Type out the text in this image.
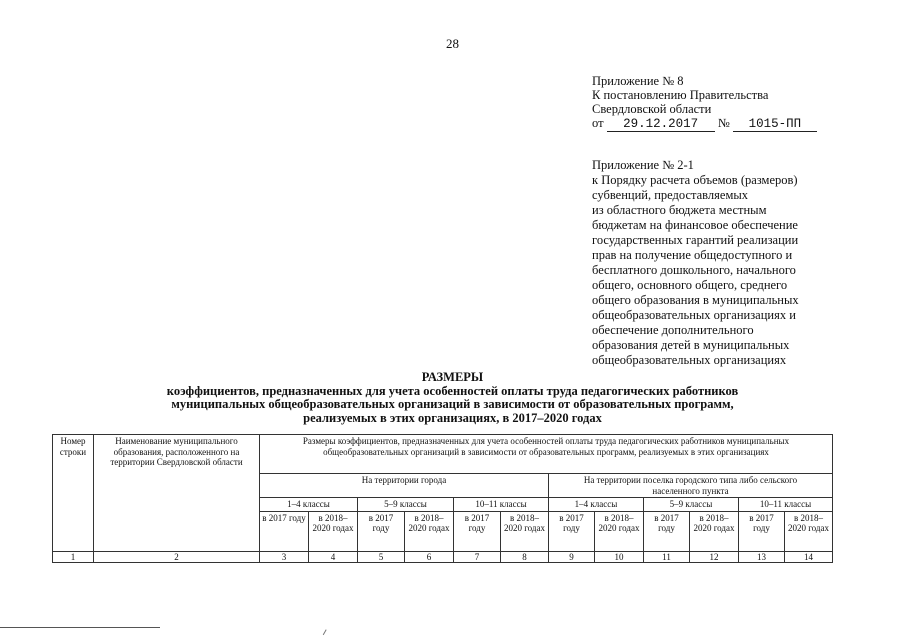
28
Приложение № 8
К постановлению Правительства
Свердловской области
от 29.12.2017 № 1015-ПП
Приложение № 2-1
к Порядку расчета объемов (размеров)
субвенций, предоставляемых
из областного бюджета местным
бюджетам на финансовое обеспечение
государственных гарантий реализации
прав на получение общедоступного и
бесплатного дошкольного, начального
общего, основного общего, среднего
общего образования в муниципальных
общеобразовательных организациях и
обеспечение дополнительного
образования детей в муниципальных
общеобразовательных организациях
РАЗМЕРЫ
коэффициентов, предназначенных для учета особенностей оплаты труда педагогических работников
муниципальных общеобразовательных организаций в зависимости от образовательных программ,
реализуемых в этих организациях, в 2017–2020 годах
Номер строки	Наименование муниципального образования, расположенного на территории Свердловской области	Размеры коэффициентов, предназначенных для учета особенностей оплаты труда педагогических работников муниципальных общеобразовательных организаций в зависимости от образовательных программ, реализуемых в этих организациях											
		На территории города						На территории поселка городского типа либо сельского населенного пункта					
		1–4 классы		5–9 классы		10–11 классы		1–4 классы		5–9 классы		10–11 классы	
		в 2017 году	в 2018–2020 годах	в 2017 году	в 2018–2020 годах	в 2017 году	в 2018–2020 годах	в 2017 году	в 2018–2020 годах	в 2017 году	в 2018–2020 годах	в 2017 году	в 2018–2020 годах
1	2	3	4	5	6	7	8	9	10	11	12	13	14
